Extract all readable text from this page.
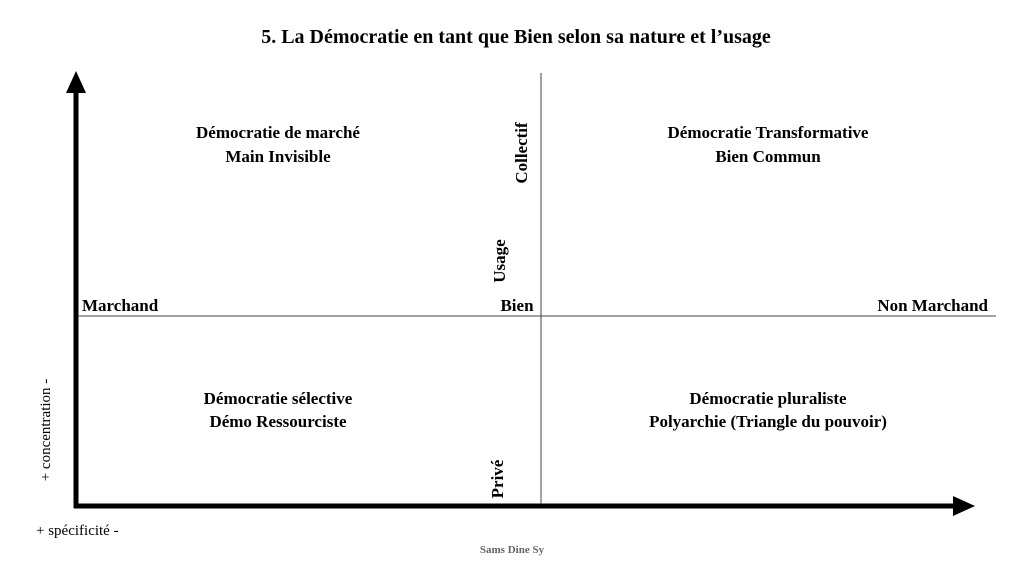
5. La Démocratie en tant que Bien selon sa nature et l’usage
Démocratie de marché
Main Invisible
Démocratie Transformative
Bien Commun
Démocratie sélective
Démo Ressourciste
Démocratie pluraliste
Polyarchie (Triangle du pouvoir)
Marchand	Bien	Non Marchand
Collectif
Usage
Privé
+ concentration -
+ spécificité -
Sams Dine Sy
